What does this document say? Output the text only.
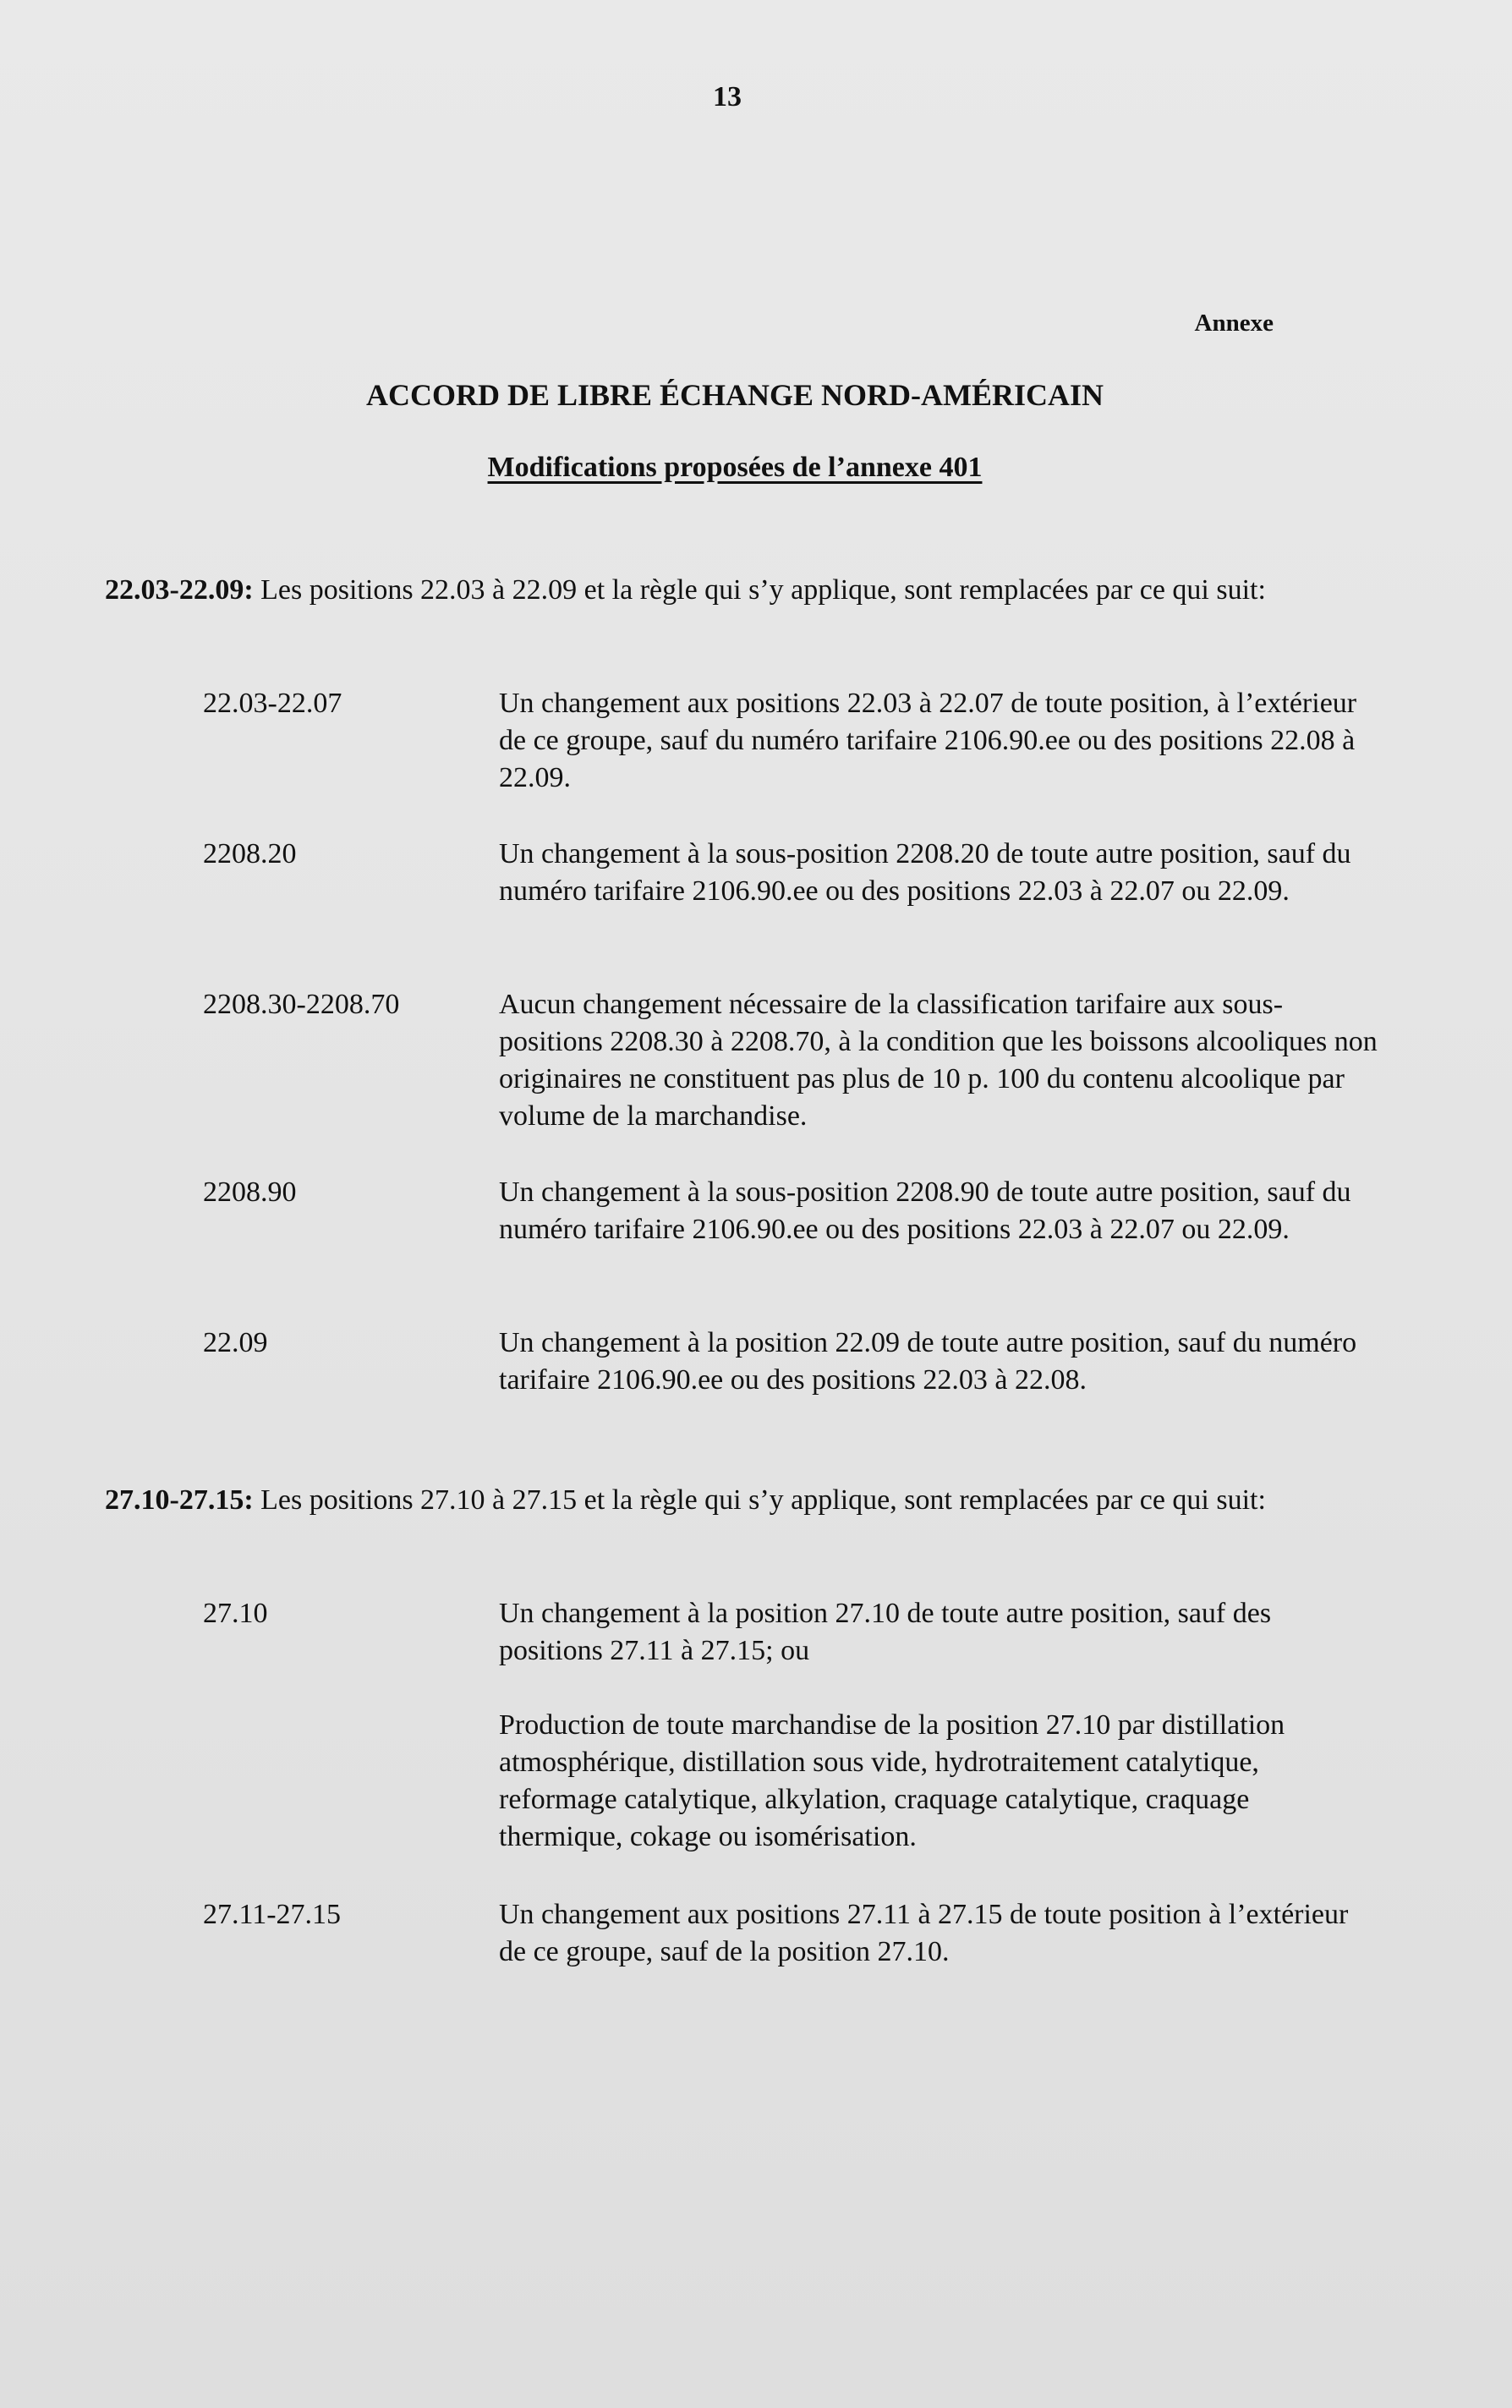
13
Annexe
ACCORD DE LIBRE ÉCHANGE NORD-AMÉRICAIN
Modifications proposées de l’annexe 401
22.03-22.09: Les positions 22.03 à 22.09 et la règle qui s’y applique, sont remplacées par ce qui suit:
22.03-22.07	Un changement aux positions 22.03 à 22.07 de toute position, à l’extérieur de ce groupe, sauf du numéro tarifaire 2106.90.ee ou des positions 22.08 à 22.09.

2208.20	Un changement à la sous-position 2208.20 de toute autre position, sauf du numéro tarifaire 2106.90.ee ou des positions 22.03 à 22.07 ou 22.09.

2208.30-2208.70	Aucun changement nécessaire de la classification tarifaire aux sous-positions 2208.30 à 2208.70, à la condition que les boissons alcooliques non originaires ne constituent pas plus de 10 p. 100 du contenu alcoolique par volume de la marchandise.

2208.90	Un changement à la sous-position 2208.90 de toute autre position, sauf du numéro tarifaire 2106.90.ee ou des positions 22.03 à 22.07 ou 22.09.

22.09	Un changement à la position 22.09 de toute autre position, sauf du numéro tarifaire 2106.90.ee ou des positions 22.03 à 22.08.

27.10-27.15: Les positions 27.10 à 27.15 et la règle qui s’y applique, sont remplacées par ce qui suit:
27.10	Un changement à la position 27.10 de toute autre position, sauf des positions 27.11 à 27.15; ou

Production de toute marchandise de la position 27.10 par distillation atmosphérique, distillation sous vide, hydrotraitement catalytique, reformage catalytique, alkylation, craquage catalytique, craquage thermique, cokage ou isomérisation.

27.11-27.15	Un changement aux positions 27.11 à 27.15 de toute position à l’extérieur de ce groupe, sauf de la position 27.10.
